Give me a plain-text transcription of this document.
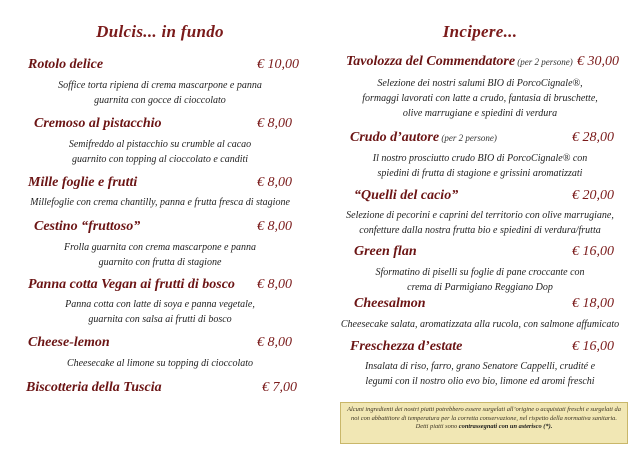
Dulcis... in fundo
Rotolo delice	€ 10,00
Soffice torta ripiena di crema mascarpone e panna
guarnita con gocce di cioccolato
Cremoso al pistacchio	€ 8,00
Semifreddo al pistacchio su crumble al cacao
guarnito con topping al cioccolato e canditi
Mille foglie e frutti	€ 8,00
Millefoglie con crema chantilly, panna e frutta fresca di stagione
Cestino “fruttoso”	€ 8,00
Frolla guarnita con crema mascarpone e panna
guarnito con frutta di stagione
Panna cotta Vegan ai frutti di bosco € 8,00
Panna cotta con latte di soya e panna vegetale,
guarnita con salsa ai frutti di bosco
Cheese-lemon	€ 8,00
Cheesecake al limone su topping di cioccolato
Biscotteria della Tuscia	€ 7,00
Incipere...
Tavolozza del Commendatore (per 2 persone) € 30,00
Selezione dei nostri salumi BIO di PorcoCignale®,
formaggi lavorati con latte a crudo, fantasia di bruschette,
olive marrugiane e spiedini di verdura
Crudo d’autore (per 2 persone)	€ 28,00
Il nostro prosciutto crudo BIO di PorcoCignale® con
spiedini di frutta di stagione e grissini aromatizzati
“Quelli del cacio”	€ 20,00
Selezione di pecorini e caprini del territorio con olive marrugiane,
confetture dalla nostra frutta bio e spiedini di verdura/frutta
Green flan	€ 16,00
Sformatino di piselli su foglie di pane croccante con
crema di Parmigiano Reggiano Dop
Cheesalmon	€ 18,00
Cheesecake salata, aromatizzata alla rucola, con salmone affumicato
Freschezza d’estate	€ 16,00
Insalata di riso, farro, grano Senatore Cappelli, crudité e
legumi con il nostro olio evo bio, limone ed aromi freschi
Alcuni ingredienti dei nostri piatti potrebbero essere surgelati all’origine o acquistati freschi e surgelati da noi con abbattitore di temperatura per la corretta conservazione, nel rispetto della normativa sanitaria. Detti piatti sono contrassegnati con un asterisco (*).
